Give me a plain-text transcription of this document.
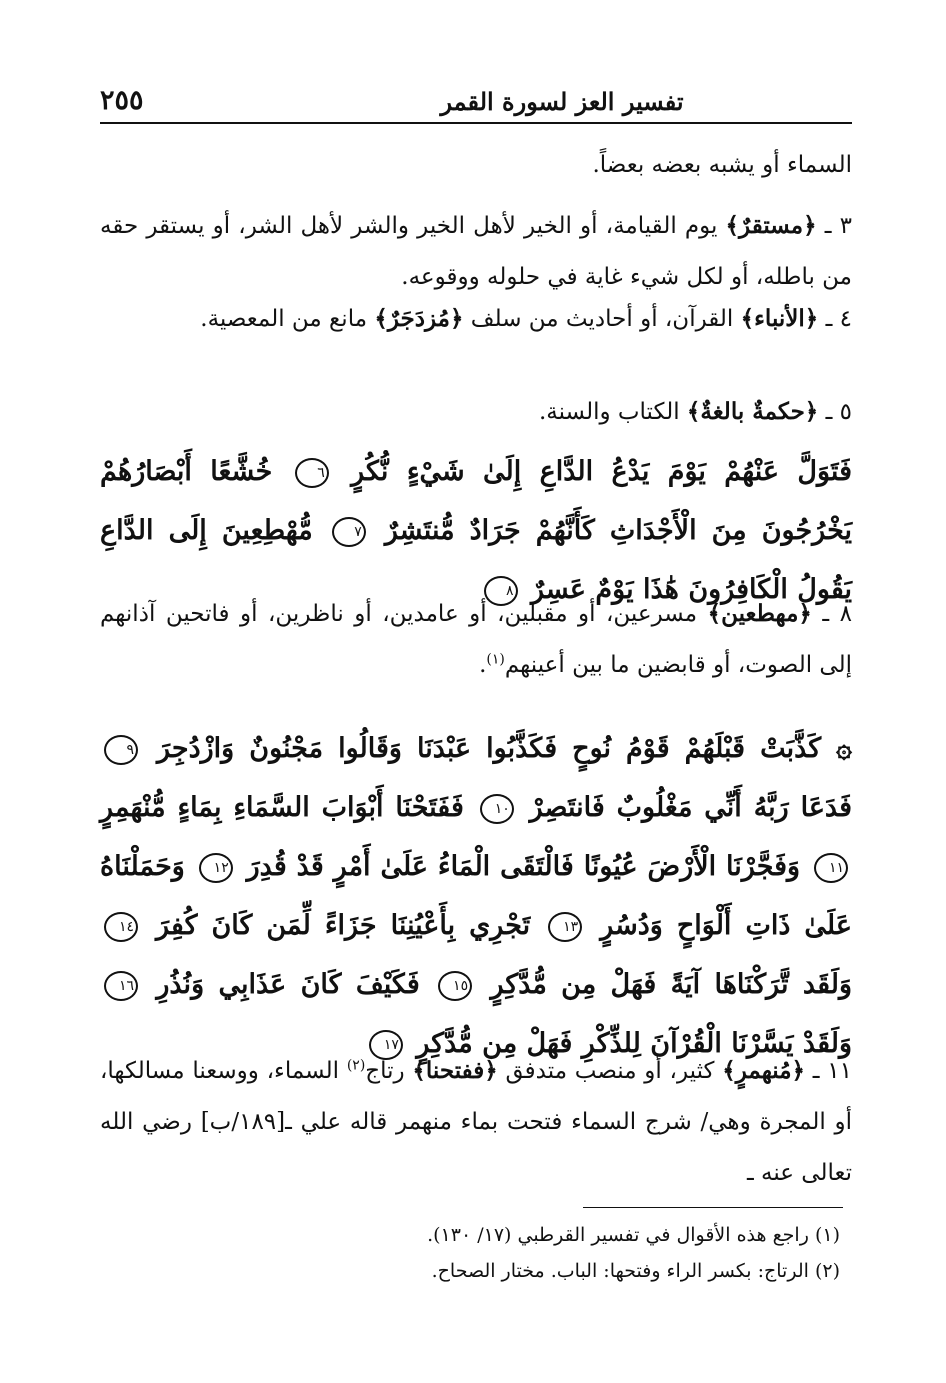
تفسير العز لسورة القمر
٢٥٥
السماء أو يشبه بعضه بعضاً.
٣ ـ ﴿مستقرٌ﴾ يوم القيامة، أو الخير لأهل الخير والشر لأهل الشر، أو يستقر حقه من باطله، أو لكل شيء غاية في حلوله ووقوعه.
٤ ـ ﴿الأنباء﴾ القرآن، أو أحاديث من سلف ﴿مُزدَجَرٌ﴾ مانع من المعصية.
٥ ـ ﴿حكمةٌ بالغةٌ﴾ الكتاب والسنة.
فَتَوَلَّ عَنْهُمْ يَوْمَ يَدْعُ الدَّاعِ إِلَىٰ شَيْءٍ نُّكُرٍ ٦ خُشَّعًا أَبْصَارُهُمْ يَخْرُجُونَ مِنَ الْأَجْدَاثِ كَأَنَّهُمْ جَرَادٌ مُّنتَشِرٌ ٧ مُّهْطِعِينَ إِلَى الدَّاعِ يَقُولُ الْكَافِرُونَ هَٰذَا يَوْمٌ عَسِرٌ ٨
٨ ـ ﴿مهطعين﴾ مسرعين، أو مقبلين، أو عامدين، أو ناظرين، أو فاتحين آذانهم إلى الصوت، أو قابضين ما بين أعينهم$^{(١)}$.
۞ كَذَّبَتْ قَبْلَهُمْ قَوْمُ نُوحٍ فَكَذَّبُوا عَبْدَنَا وَقَالُوا مَجْنُونٌ وَازْدُجِرَ ٩ فَدَعَا رَبَّهُ أَنِّي مَغْلُوبٌ فَانتَصِرْ ١٠ فَفَتَحْنَا أَبْوَابَ السَّمَاءِ بِمَاءٍ مُّنْهَمِرٍ ١١ وَفَجَّرْنَا الْأَرْضَ عُيُونًا فَالْتَقَى الْمَاءُ عَلَىٰ أَمْرٍ قَدْ قُدِرَ ١٢ وَحَمَلْنَاهُ عَلَىٰ ذَاتِ أَلْوَاحٍ وَدُسُرٍ ١٣ تَجْرِي بِأَعْيُنِنَا جَزَاءً لِّمَن كَانَ كُفِرَ ١٤ وَلَقَد تَّرَكْنَاهَا آيَةً فَهَلْ مِن مُّدَّكِرٍ ١٥ فَكَيْفَ كَانَ عَذَابِي وَنُذُرِ ١٦ وَلَقَدْ يَسَّرْنَا الْقُرْآنَ لِلذِّكْرِ فَهَلْ مِن مُّدَّكِرٍ ١٧
١١ ـ ﴿مُنهمرٍ﴾ كثير، أو منصب متدفق ﴿ففتحنا﴾ رتاج$^{(٢)}$ السماء، ووسعنا مسالكها، أو المجرة وهي/ شرج السماء فتحت بماء منهمر قاله علي ـ[١٨٩/ب] رضي الله تعالى عنه ـ
(١) راجع هذه الأقوال في تفسير القرطبي (١٧/ ١٣٠).
(٢) الرتاج: بكسر الراء وفتحها: الباب. مختار الصحاح.
